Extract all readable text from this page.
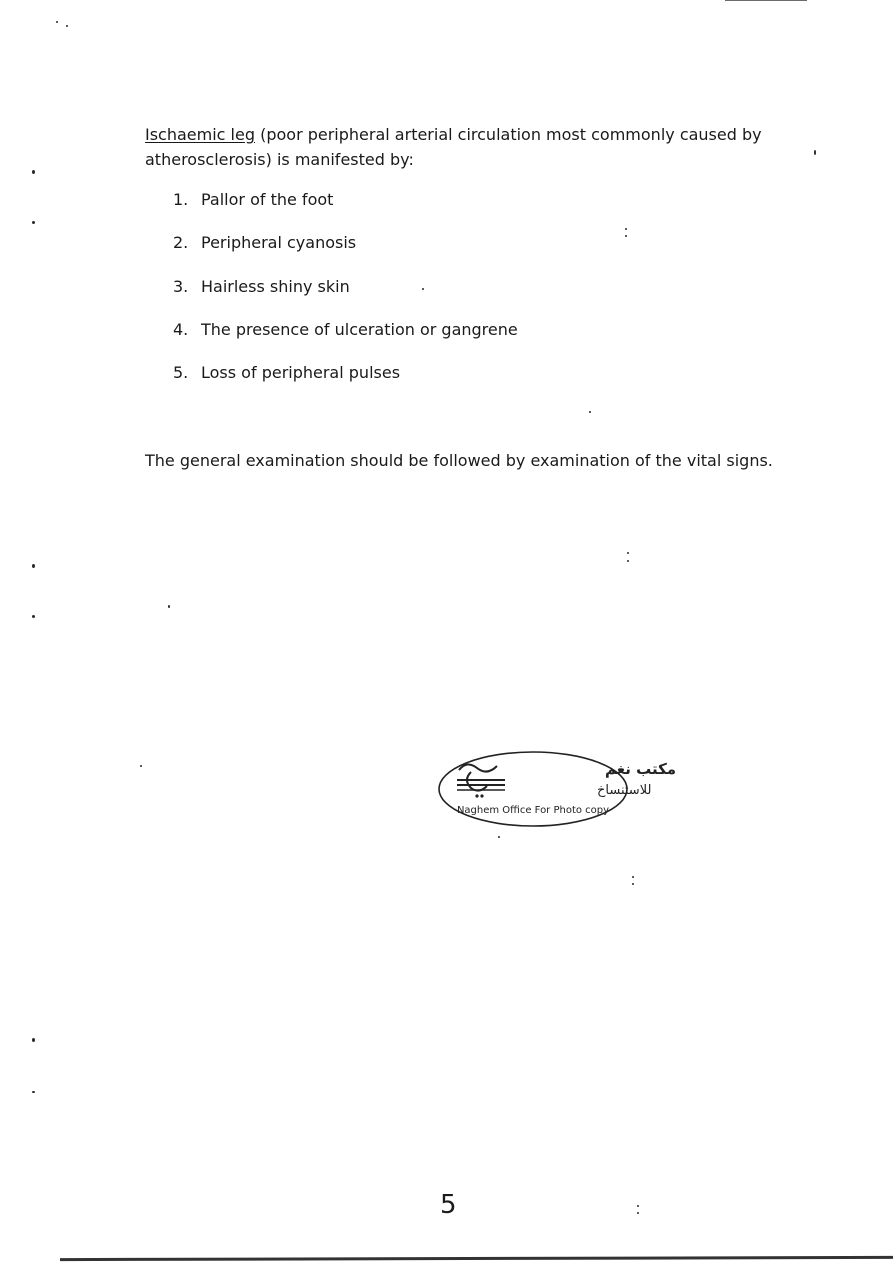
Ischaemic leg (poor peripheral arterial circulation most commonly caused by atherosclerosis) is manifested by:

1. Pallor of the foot
2. Peripheral cyanosis
3. Hairless shiny skin
4. The presence of ulceration or gangrene
5. Loss of peripheral pulses

The general examination should be followed by examination of the vital signs.

مكتب نغم
للاستنساخ
Naghem Office For Photo copy
5
